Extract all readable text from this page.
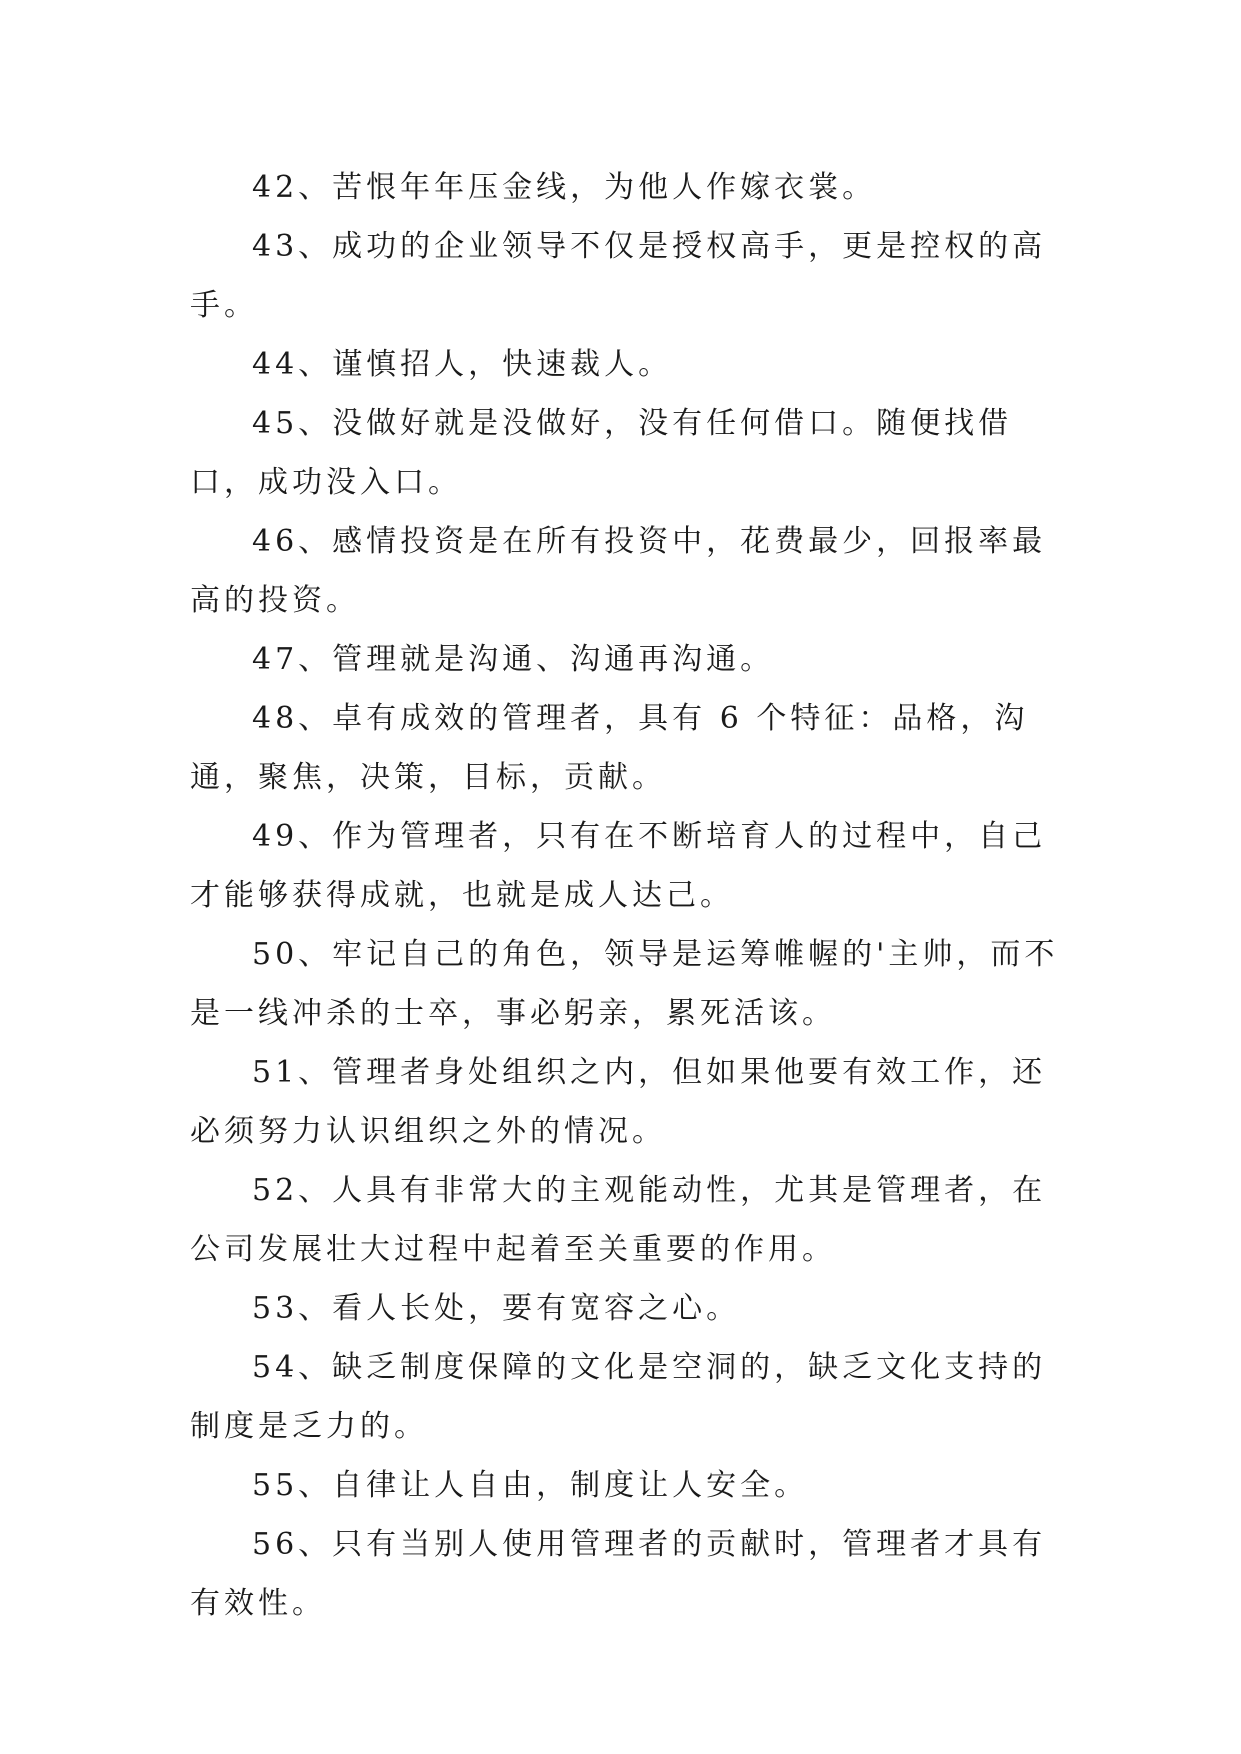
42、苦恨年年压金线，为他人作嫁衣裳。

43、成功的企业领导不仅是授权高手，更是控权的高手。

44、谨慎招人，快速裁人。

45、没做好就是没做好，没有任何借口。随便找借口，成功没入口。

46、感情投资是在所有投资中，花费最少，回报率最高的投资。

47、管理就是沟通、沟通再沟通。

48、卓有成效的管理者，具有 6 个特征：品格，沟通，聚焦，决策，目标，贡献。

49、作为管理者，只有在不断培育人的过程中，自己才能够获得成就，也就是成人达己。

50、牢记自己的角色，领导是运筹帷幄的'主帅，而不是一线冲杀的士卒，事必躬亲，累死活该。

51、管理者身处组织之内，但如果他要有效工作，还必须努力认识组织之外的情况。

52、人具有非常大的主观能动性，尤其是管理者，在公司发展壮大过程中起着至关重要的作用。

53、看人长处，要有宽容之心。

54、缺乏制度保障的文化是空洞的，缺乏文化支持的制度是乏力的。

55、自律让人自由，制度让人安全。

56、只有当别人使用管理者的贡献时，管理者才具有有效性。
